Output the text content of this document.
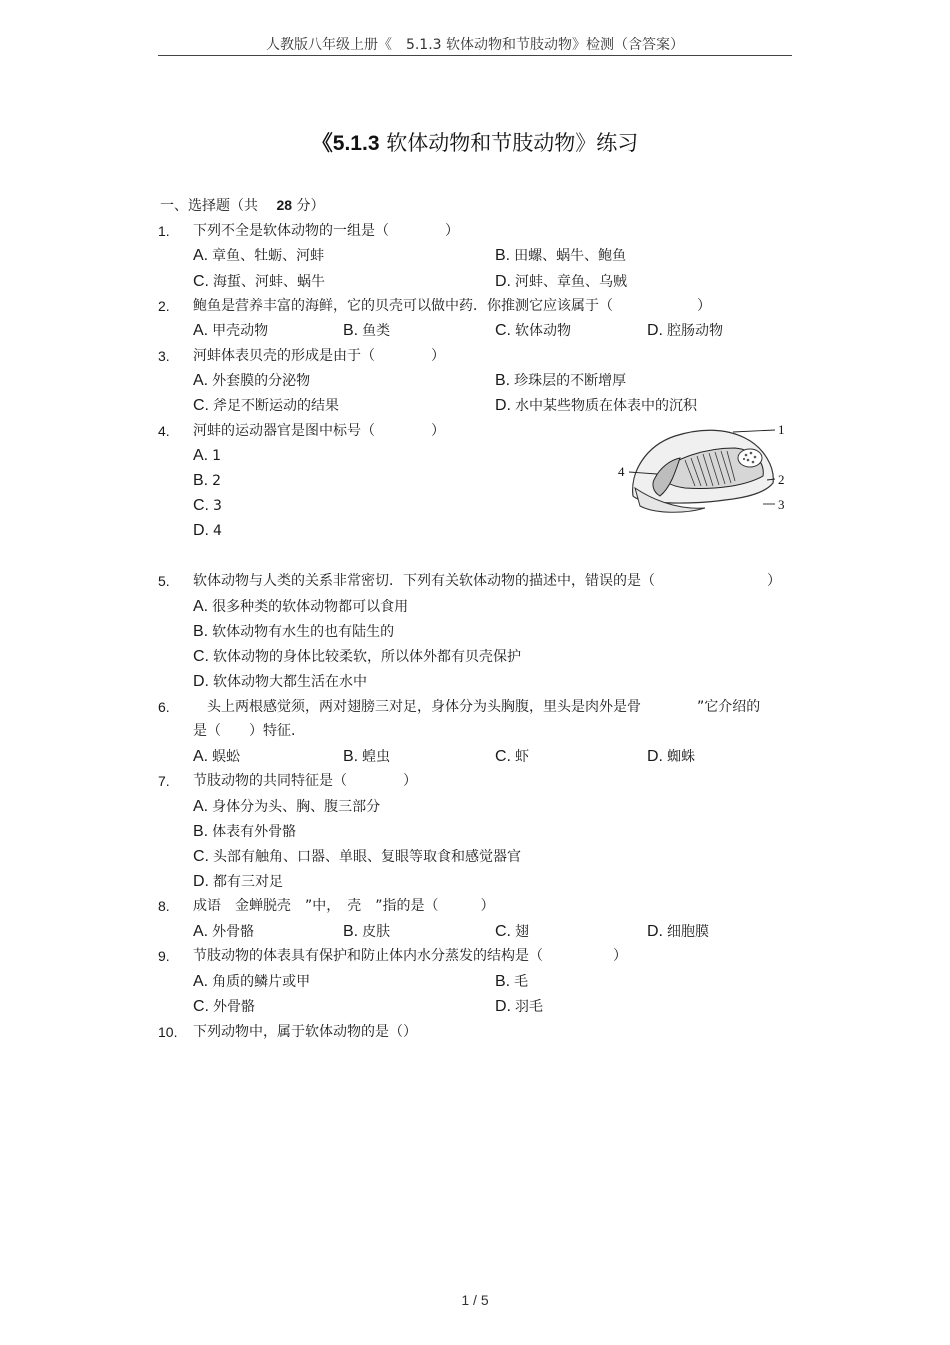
人教版八年级上册《　5.1.3 软体动物和节肢动物》检测（含答案）
《5.1.3 软体动物和节肢动物》练习
一、选择题（共　 28 分）
1. 下列不全是软体动物的一组是（　　　　）
A. 章鱼、牡蛎、河蚌	B. 田螺、蜗牛、鲍鱼
C. 海蜇、河蚌、蜗牛	D. 河蚌、章鱼、乌贼
2. 鲍鱼是营养丰富的海鲜，它的贝壳可以做中药．你推测它应该属于（　　　　　　）
A. 甲壳动物	B. 鱼类	C. 软体动物	D. 腔肠动物
3. 河蚌体表贝壳的形成是由于（　　　　）
A. 外套膜的分泌物	B. 珍珠层的不断增厚
C. 斧足不断运动的结果	D. 水中某些物质在体表中的沉积
4. 河蚌的运动器官是图中标号（　　　　）
A. 1
B. 2
C. 3
D. 4
1
2
3
4
5. 软体动物与人类的关系非常密切．下列有关软体动物的描述中，错误的是（　　　　　　　　）
A. 很多种类的软体动物都可以食用
B. 软体动物有水生的也有陆生的
C. 软体动物的身体比较柔软，所以体外都有贝壳保护
D. 软体动物大都生活在水中
6. 　头上两根感觉须，两对翅膀三对足，身体分为头胸腹，里头是肉外是骨　　　　”它介绍的
是（　　）特征.
A. 蜈蚣	B. 蝗虫	C. 虾	D. 蜘蛛
7. 节肢动物的共同特征是（　　　　）
A. 身体分为头、胸、腹三部分
B. 体表有外骨骼
C. 头部有触角、口器、单眼、复眼等取食和感觉器官
D. 都有三对足
8. 成语　金蝉脱壳　”中，　壳　”指的是（　　　）
A. 外骨骼	B. 皮肤	C. 翅	D. 细胞膜
9. 节肢动物的体表具有保护和防止体内水分蒸发的结构是（　　　　　）
A. 角质的鳞片或甲	B. 毛
C. 外骨骼	D. 羽毛
10. 下列动物中，属于软体动物的是（）
1 / 5
